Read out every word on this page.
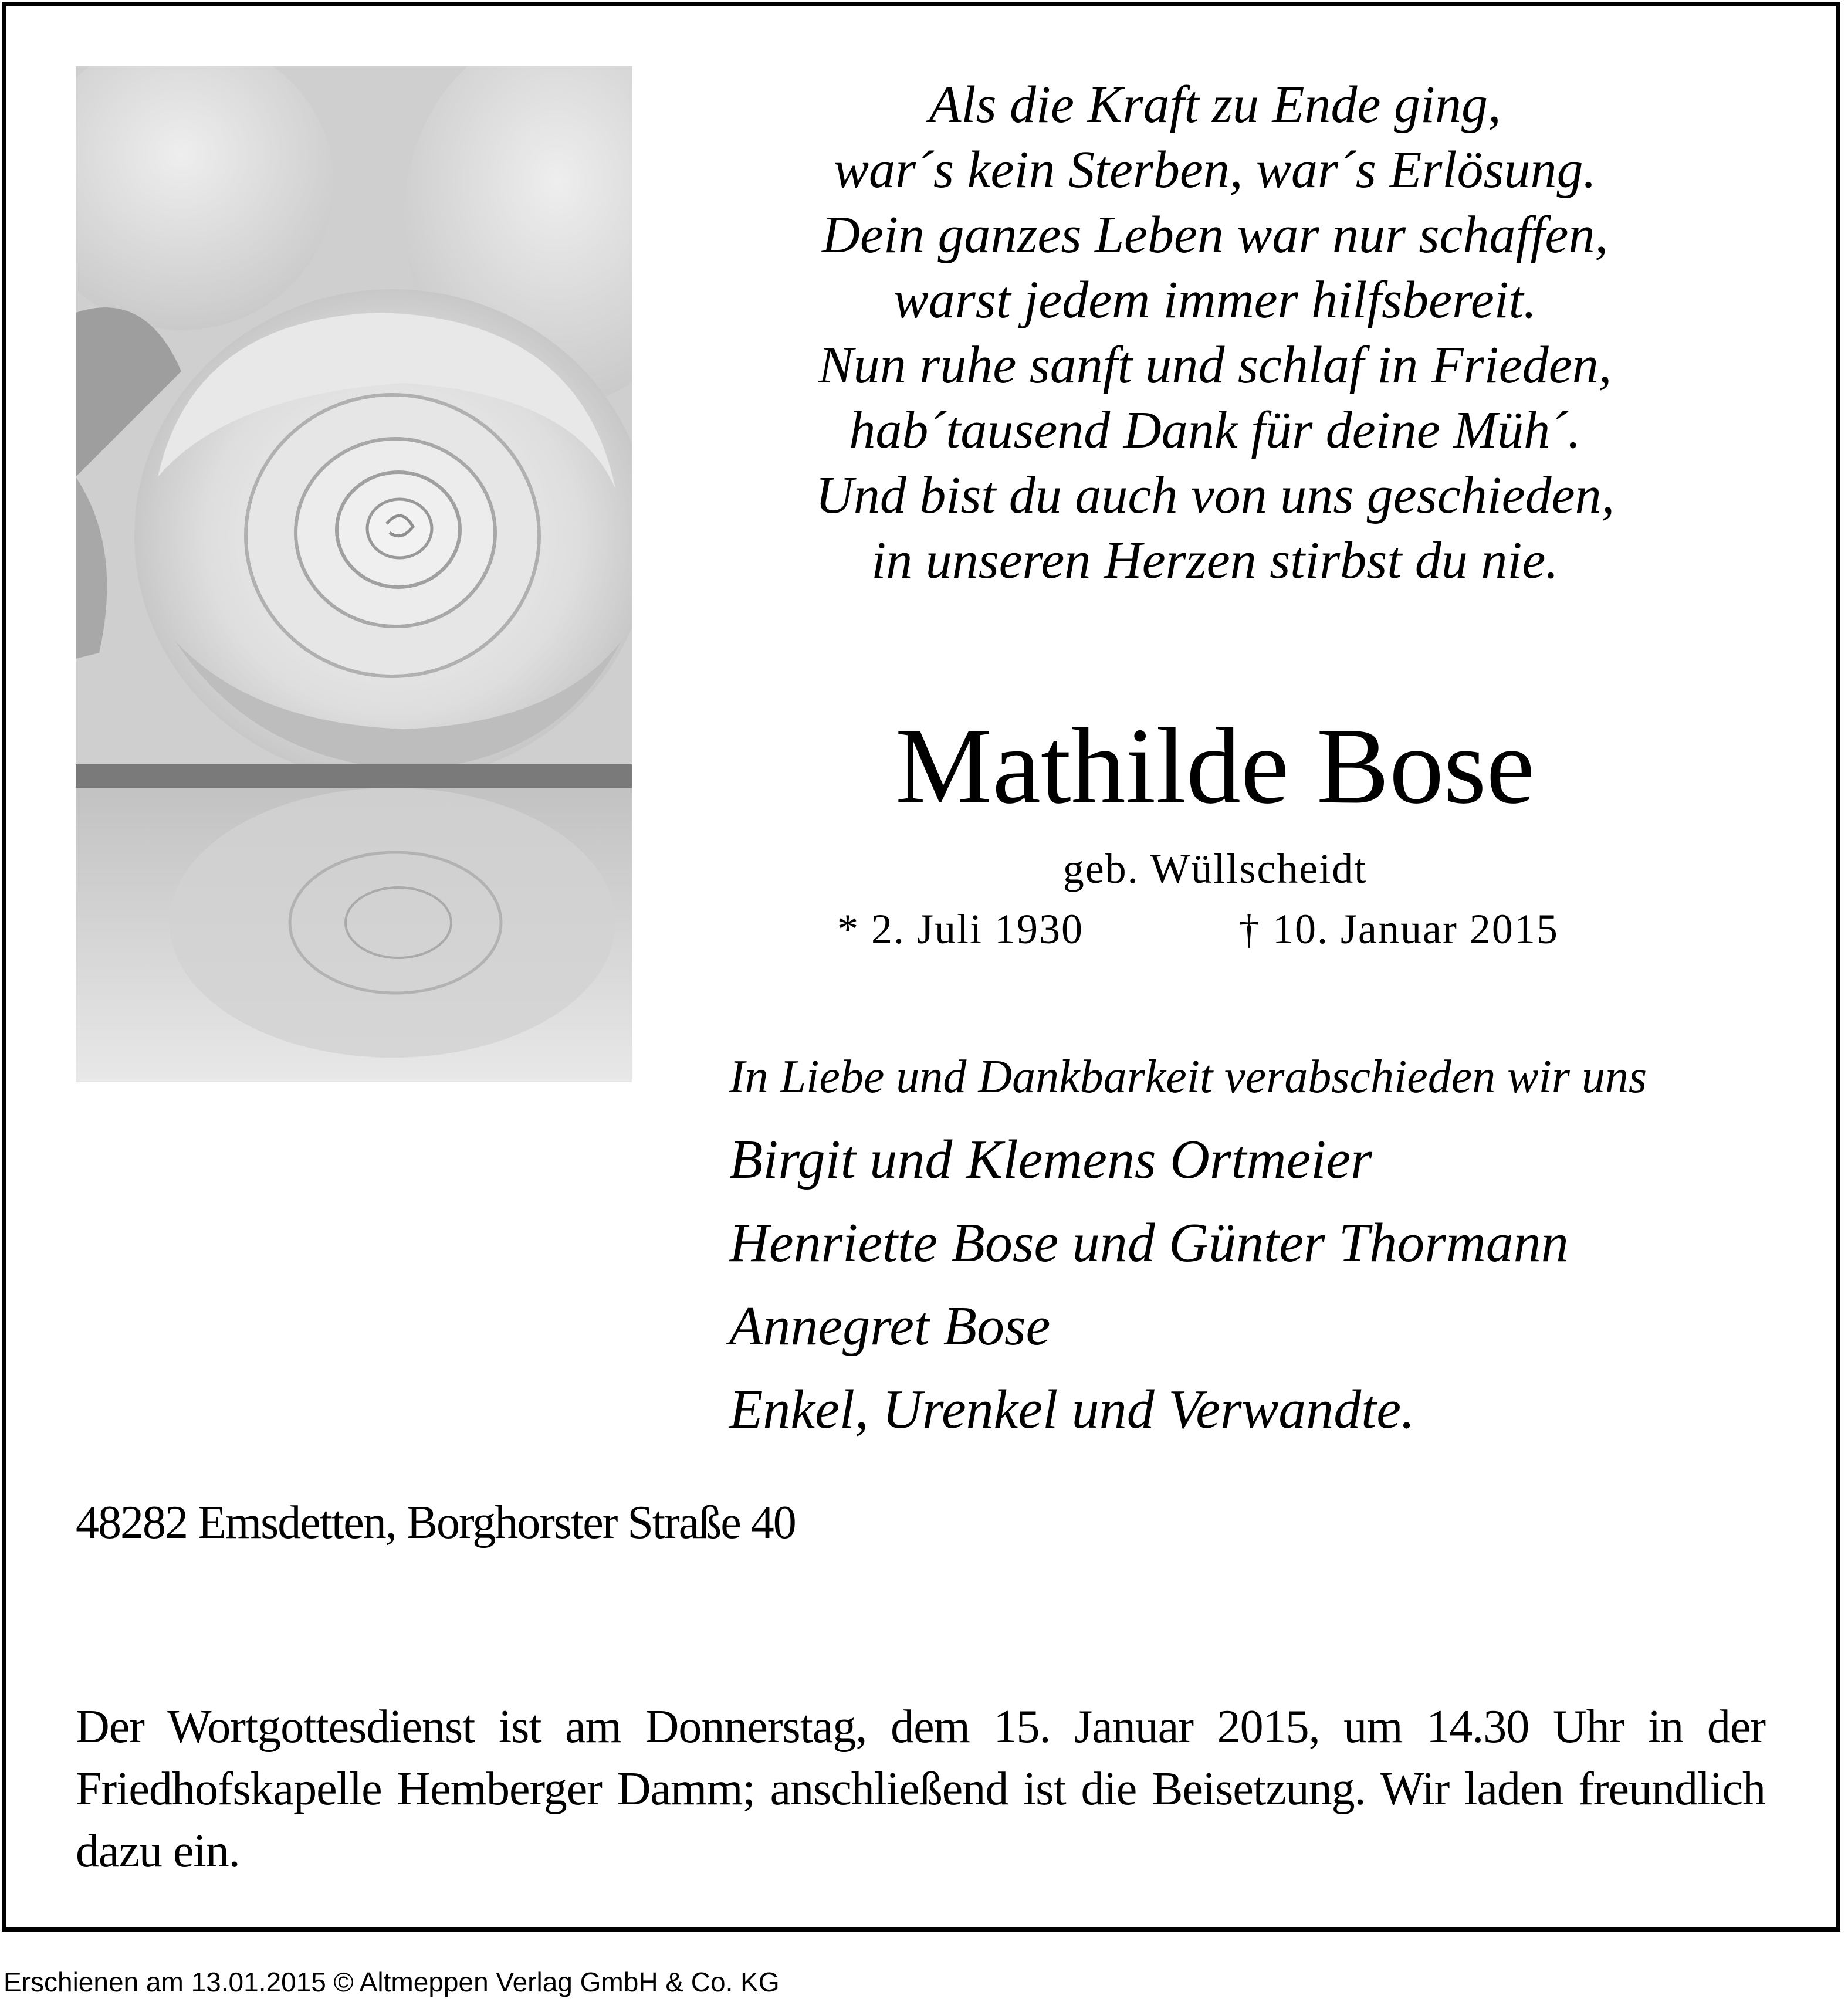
Als die Kraft zu Ende ging,
war´s kein Sterben, war´s Erlösung.
Dein ganzes Leben war nur schaffen,
warst jedem immer hilfsbereit.
Nun ruhe sanft und schlaf in Frieden,
hab´tausend Dank für deine Müh´.
Und bist du auch von uns geschieden,
in unseren Herzen stirbst du nie.
Mathilde Bose
geb. Wüllscheidt
* 2. Juli 1930	† 10. Januar 2015
In Liebe und Dankbarkeit verabschieden wir uns
Birgit und Klemens Ortmeier
Henriette Bose und Günter Thormann
Annegret Bose
Enkel, Urenkel und Verwandte.
48282 Emsdetten, Borghorster Straße 40
Der Wortgottesdienst ist am Donnerstag, dem 15. Januar 2015, um 14.30 Uhr in der Friedhofskapelle Hemberger Damm; anschließend ist die Beisetzung. Wir laden freundlich dazu ein.
Erschienen am 13.01.2015 © Altmeppen Verlag GmbH & Co. KG
